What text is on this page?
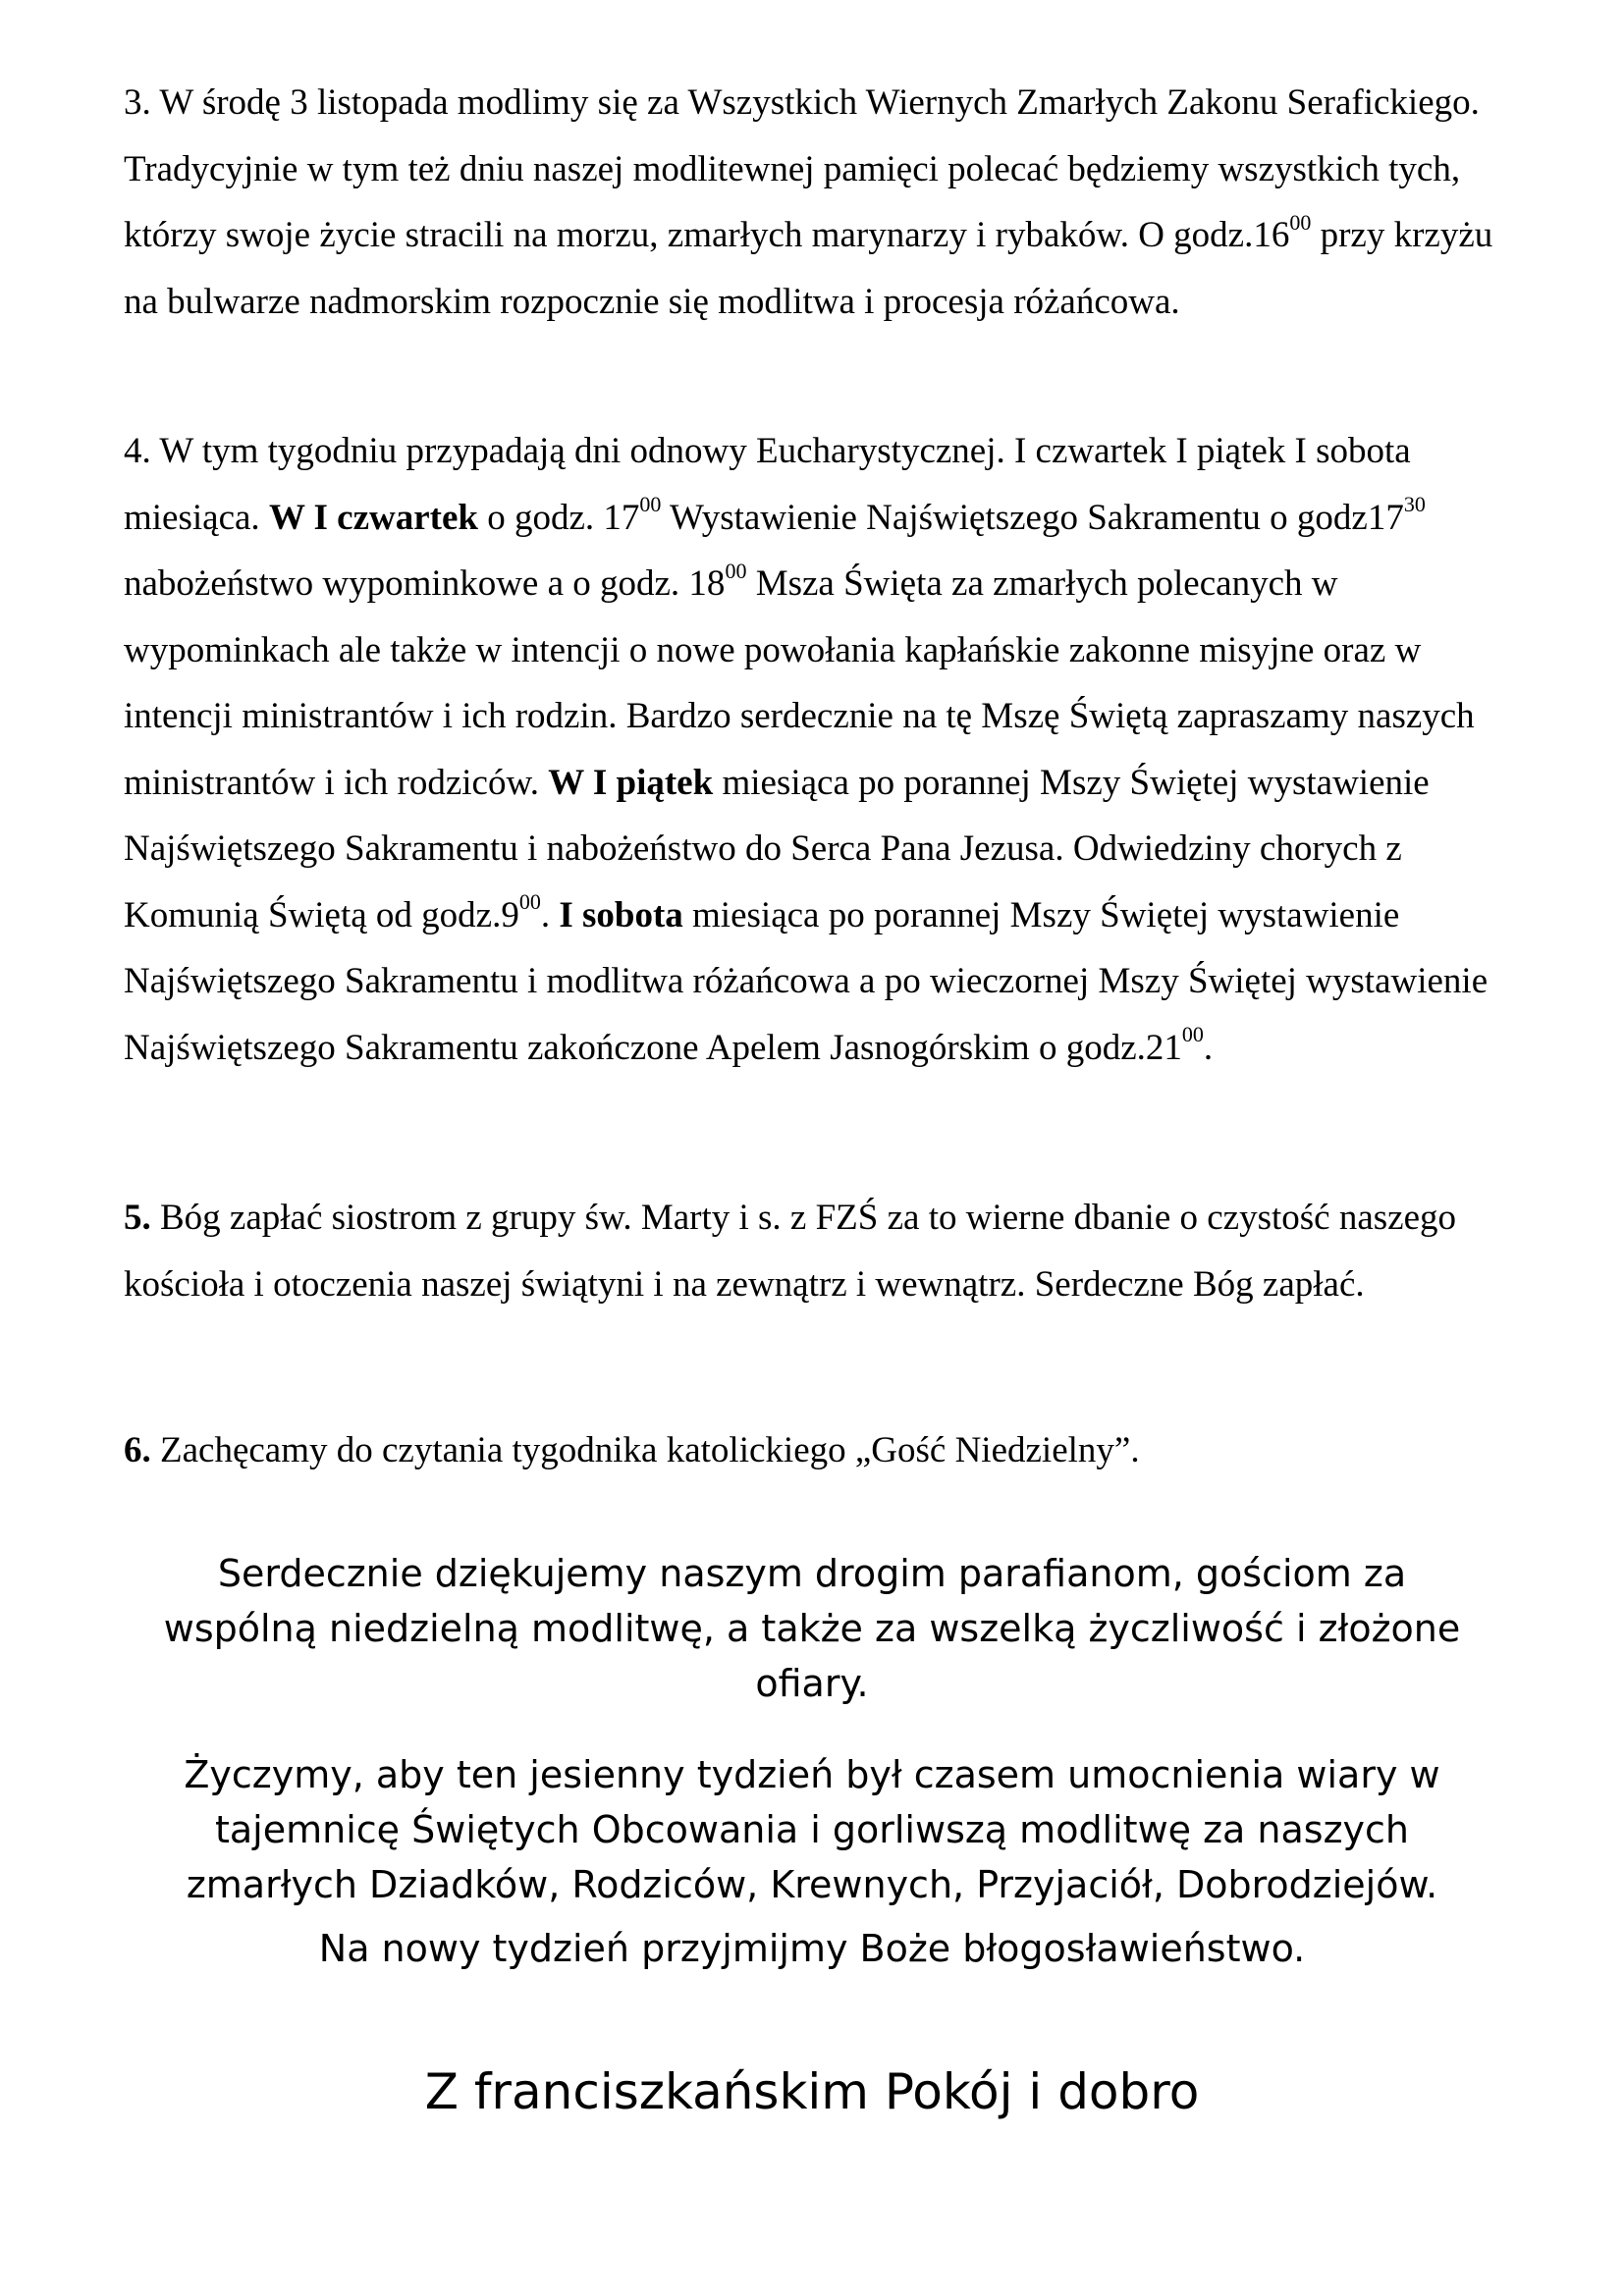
3. W środę 3 listopada modlimy się za Wszystkich Wiernych Zmarłych Zakonu Serafickiego. Tradycyjnie w tym też dniu naszej modlitewnej pamięci polecać będziemy wszystkich tych, którzy swoje życie stracili na morzu, zmarłych marynarzy i rybaków. O $godz.16^{00}$ przy krzyżu na bulwarze nadmorskim rozpocznie się modlitwa i procesja różańcowa.

4. W tym tygodniu przypadają dni odnowy Eucharystycznej. I czwartek I piątek I sobota miesiąca. W I czwartek o godz. $17^{00}$ Wystawienie Najświętszego Sakramentu o $godz17^{30}$ nabożeństwo wypominkowe a o godz. $18^{00}$ Msza Święta za zmarłych polecanych w wypominkach ale także w intencji o nowe powołania kapłańskie zakonne misyjne oraz w intencji ministrantów i ich rodzin. Bardzo serdecznie na tę Mszę Świętą zapraszamy naszych ministrantów i ich rodziców. W I piątek miesiąca po porannej Mszy Świętej wystawienie Najświętszego Sakramentu i nabożeństwo do Serca Pana Jezusa. Odwiedziny chorych z Komunią Świętą od $godz.9^{00}$. I sobota miesiąca po porannej Mszy Świętej wystawienie Najświętszego Sakramentu i modlitwa różańcowa a po wieczornej Mszy Świętej wystawienie Najświętszego Sakramentu zakończone Apelem Jasnogórskim o $godz.21^{00}$.

5. Bóg zapłać siostrom z grupy św. Marty i s. z FZŚ za to wierne dbanie o czystość naszego kościoła i otoczenia naszej świątyni i na zewnątrz i wewnątrz. Serdeczne Bóg zapłać.

6. Zachęcamy do czytania tygodnika katolickiego „Gość Niedzielny”.

Serdecznie dziękujemy naszym drogim parafianom, gościom za wspólną niedzielną modlitwę, a także za wszelką życzliwość i złożone ofiary.

Życzymy, aby ten jesienny tydzień był czasem umocnienia wiary w tajemnicę Świętych Obcowania i gorliwszą modlitwę za naszych zmarłych Dziadków, Rodziców, Krewnych, Przyjaciół, Dobrodziejów.

Na nowy tydzień przyjmijmy Boże błogosławieństwo.

Z franciszkańskim Pokój i dobro
